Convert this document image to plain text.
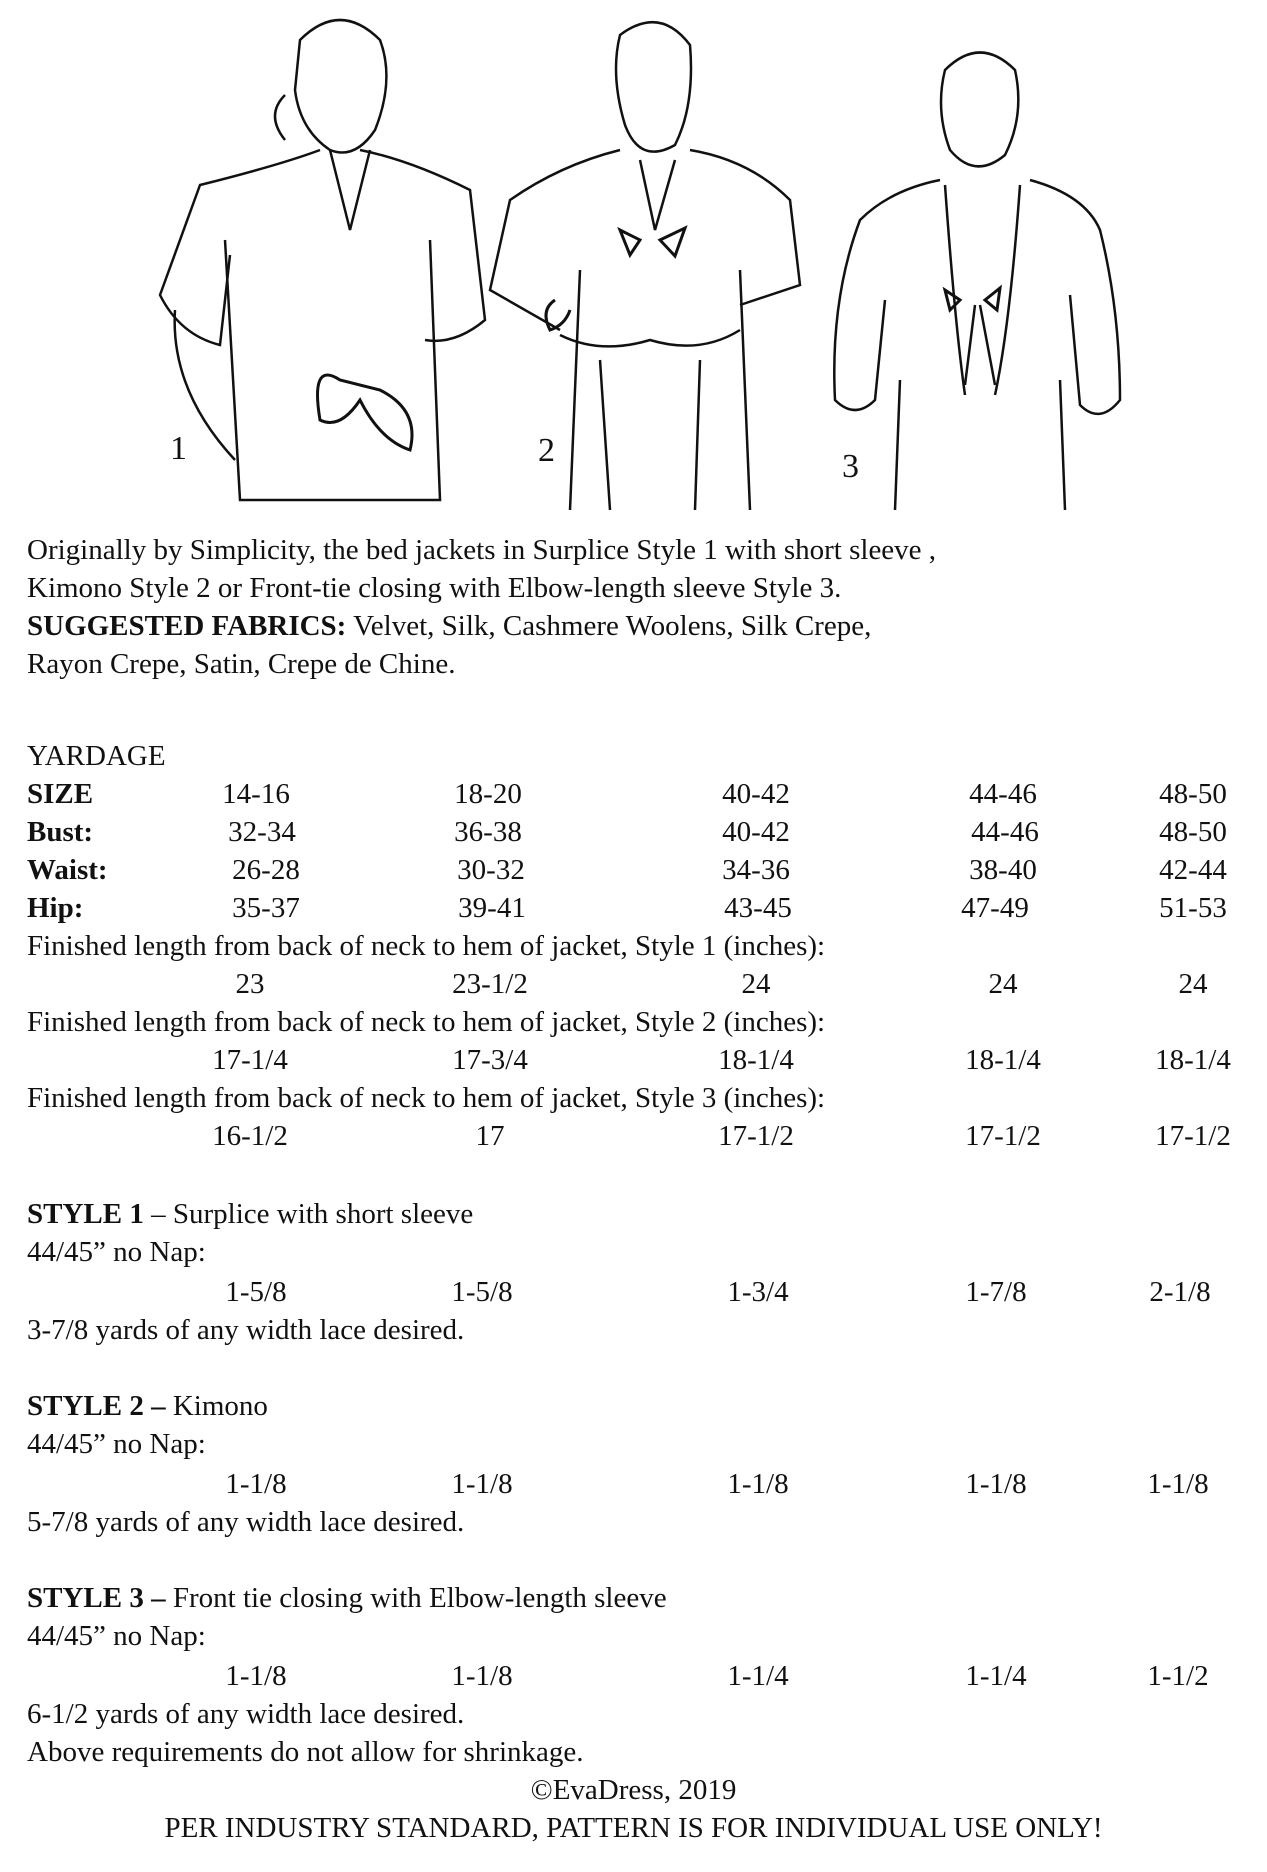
1	2	3
Originally by Simplicity, the bed jackets in Surplice Style 1 with short sleeve ,
Kimono Style 2 or Front-tie closing with Elbow-length sleeve Style 3.
SUGGESTED FABRICS: Velvet, Silk, Cashmere Woolens, Silk Crepe,
Rayon Crepe, Satin, Crepe de Chine.
YARDAGE
SIZE	14-16	18-20	40-42	44-46	48-50
Bust:	32-34	36-38	40-42	44-46	48-50
Waist:	26-28	30-32	34-36	38-40	42-44
Hip:	35-37	39-41	43-45	47-49	51-53
Finished length from back of neck to hem of jacket, Style 1 (inches):
23	23-1/2	24	24	24
Finished length from back of neck to hem of jacket, Style 2 (inches):
17-1/4	17-3/4	18-1/4	18-1/4	18-1/4
Finished length from back of neck to hem of jacket, Style 3 (inches):
16-1/2	17	17-1/2	17-1/2	17-1/2
STYLE 1 – Surplice with short sleeve
44/45” no Nap:
1-5/8	1-5/8	1-3/4	1-7/8	2-1/8
3-7/8 yards of any width lace desired.
STYLE 2 – Kimono
44/45” no Nap:
1-1/8	1-1/8	1-1/8	1-1/8	1-1/8
5-7/8 yards of any width lace desired.
STYLE 3 – Front tie closing with Elbow-length sleeve
44/45” no Nap:
1-1/8	1-1/8	1-1/4	1-1/4	1-1/2
6-1/2 yards of any width lace desired.
Above requirements do not allow for shrinkage.
©EvaDress, 2019
PER INDUSTRY STANDARD, PATTERN IS FOR INDIVIDUAL USE ONLY!
